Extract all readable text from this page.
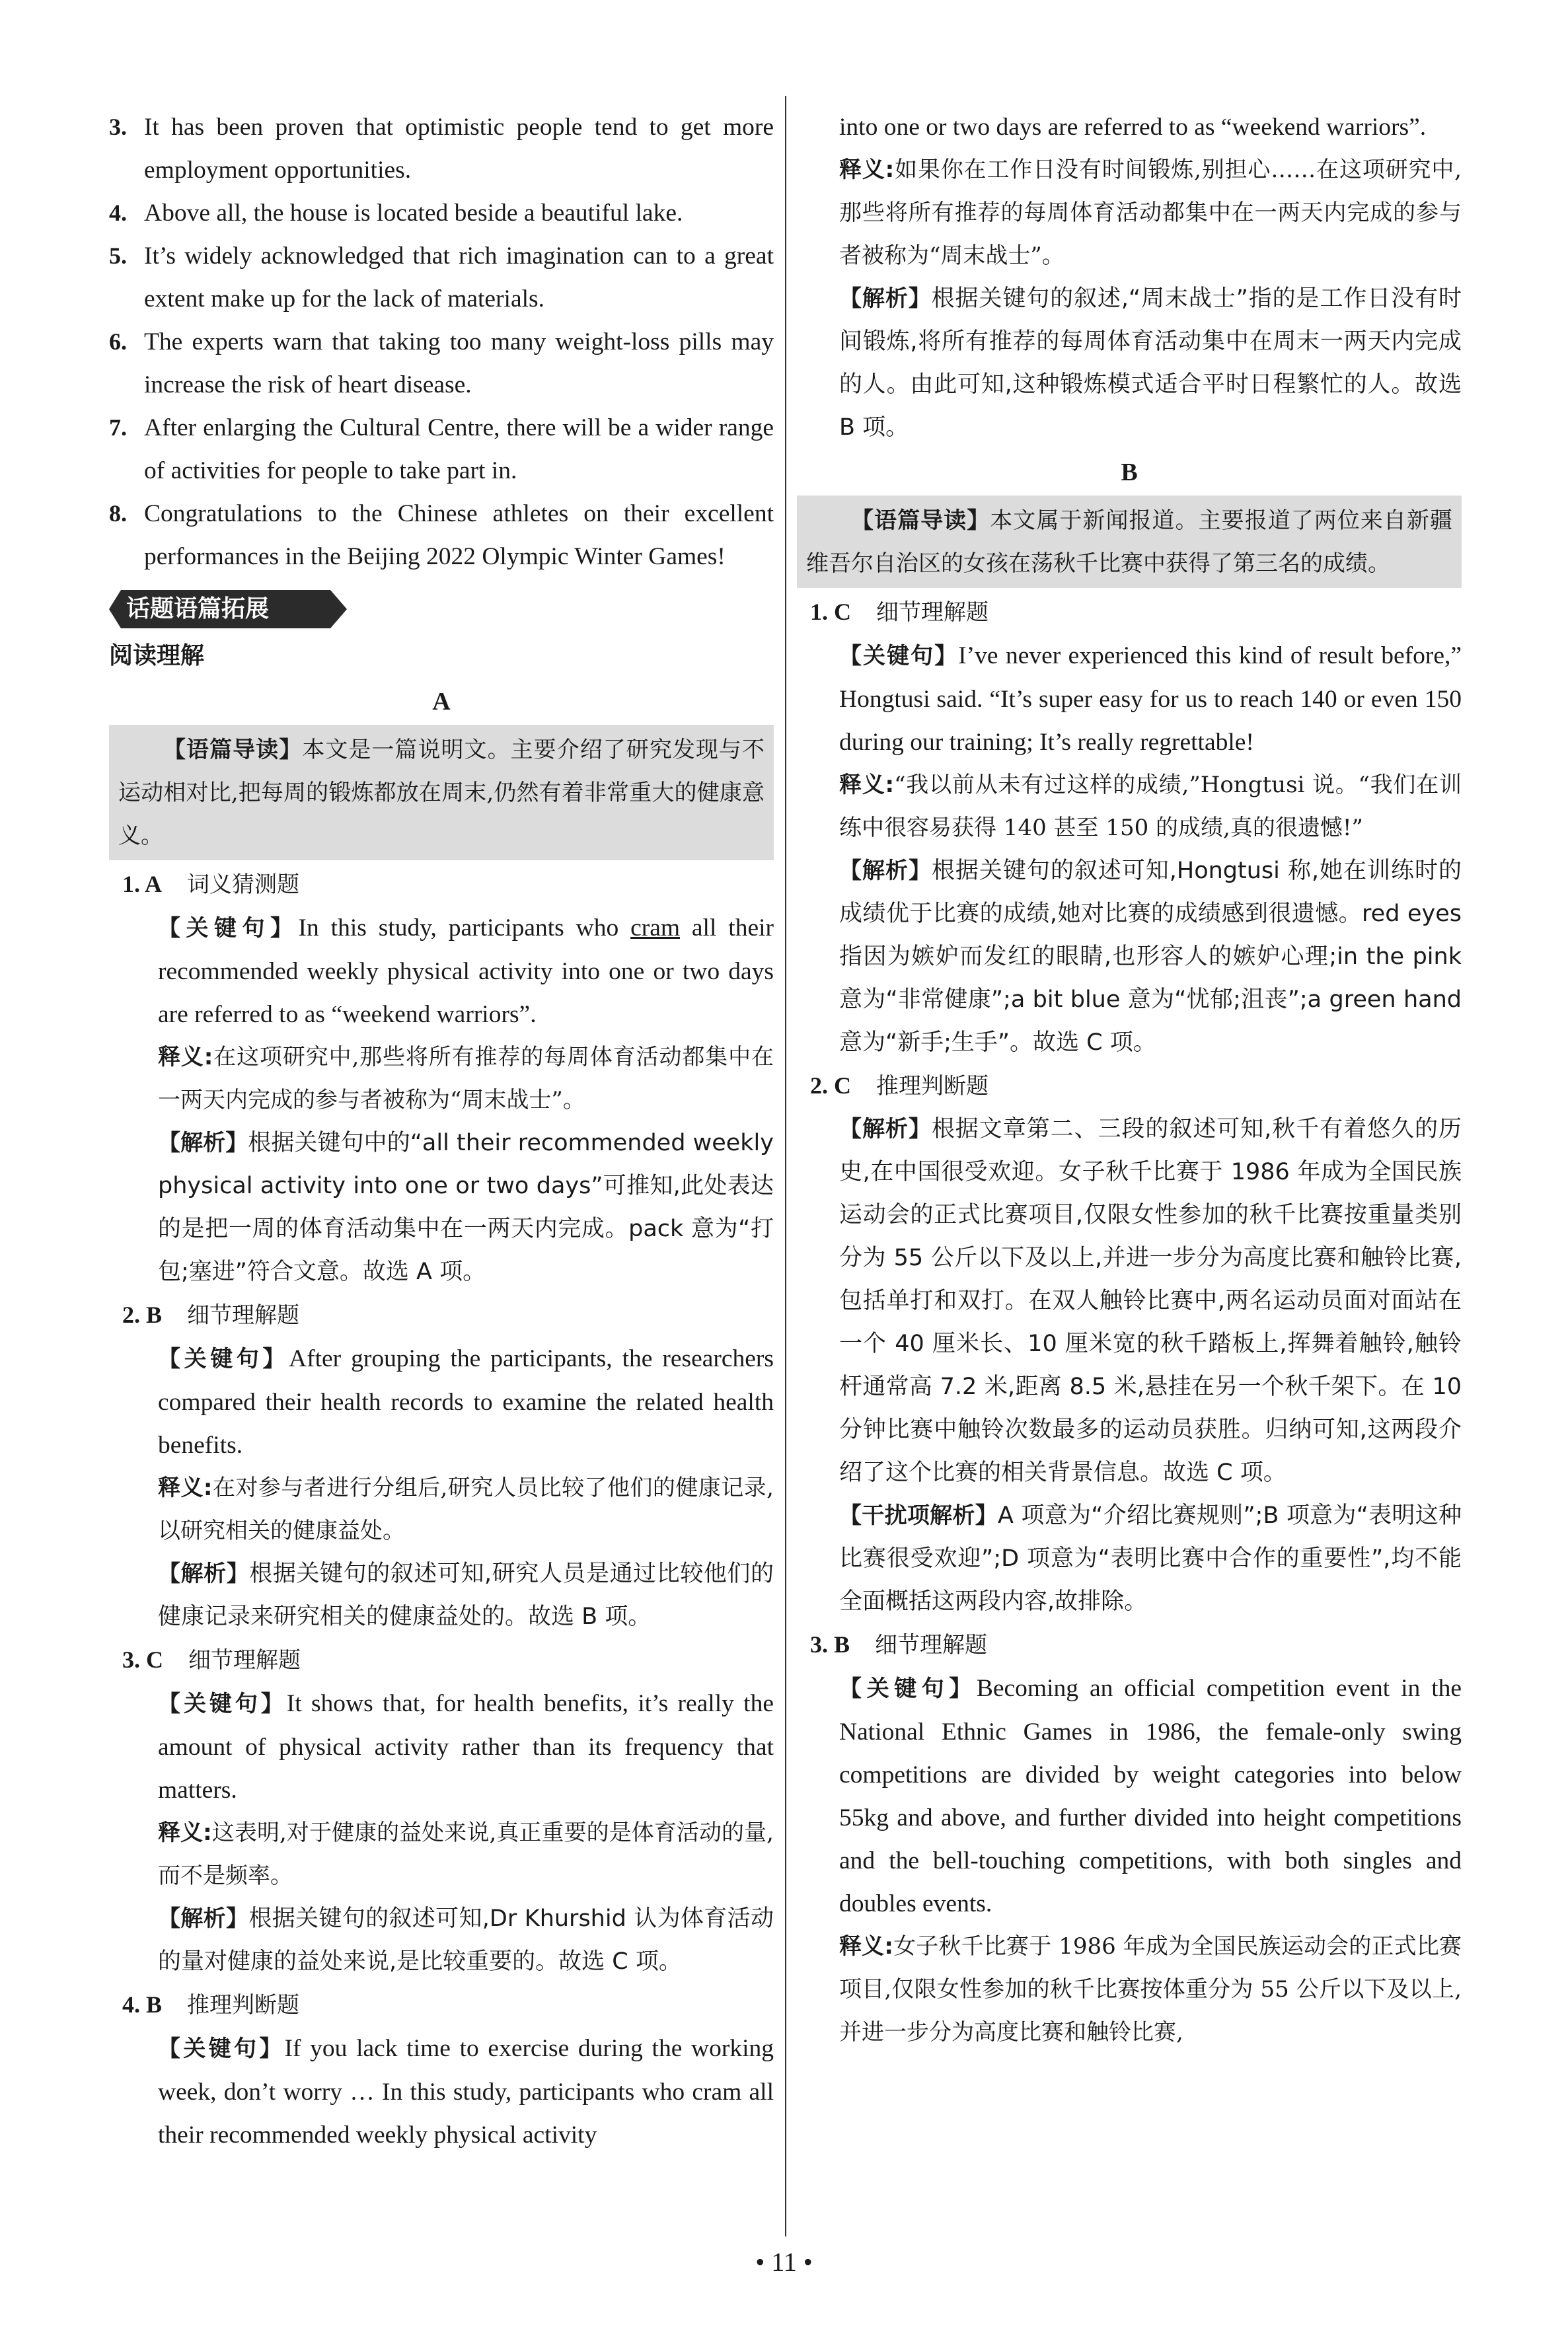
3. It has been proven that optimistic people tend to get more employment opportunities.

4. Above all, the house is located beside a beautiful lake.

5. It’s widely acknowledged that rich imagination can to a great extent make up for the lack of materials.

6. The experts warn that taking too many weight-loss pills may increase the risk of heart disease.

7. After enlarging the Cultural Centre, there will be a wider range of activities for people to take part in.

8. Congratulations to the Chinese athletes on their excellent performances in the Beijing 2022 Olympic Winter Games!

话题语篇拓展

阅读理解

A

【语篇导读】本文是一篇说明文。主要介绍了研究发现与不运动相对比,把每周的锻炼都放在周末,仍然有着非常重大的健康意义。

1. A 词义猜测题

【关键句】In this study, participants who cram all their recommended weekly physical activity into one or two days are referred to as “weekend warriors”.

释义:在这项研究中,那些将所有推荐的每周体育活动都集中在一两天内完成的参与者被称为“周末战士”。

【解析】根据关键句中的“all their recommended weekly physical activity into one or two days”可推知,此处表达的是把一周的体育活动集中在一两天内完成。pack 意为“打包;塞进”符合文意。故选 A 项。

2. B 细节理解题

【关键句】After grouping the participants, the researchers compared their health records to examine the related health benefits.

释义:在对参与者进行分组后,研究人员比较了他们的健康记录,以研究相关的健康益处。

【解析】根据关键句的叙述可知,研究人员是通过比较他们的健康记录来研究相关的健康益处的。故选 B 项。

3. C 细节理解题

【关键句】It shows that, for health benefits, it’s really the amount of physical activity rather than its frequency that matters.

释义:这表明,对于健康的益处来说,真正重要的是体育活动的量,而不是频率。

【解析】根据关键句的叙述可知,Dr Khurshid 认为体育活动的量对健康的益处来说,是比较重要的。故选 C 项。

4. B 推理判断题

【关键句】If you lack time to exercise during the working week, don’t worry … In this study, participants who cram all their recommended weekly physical activity

into one or two days are referred to as “weekend warriors”.

释义:如果你在工作日没有时间锻炼,别担心……在这项研究中,那些将所有推荐的每周体育活动都集中在一两天内完成的参与者被称为“周末战士”。

【解析】根据关键句的叙述,“周末战士”指的是工作日没有时间锻炼,将所有推荐的每周体育活动集中在周末一两天内完成的人。由此可知,这种锻炼模式适合平时日程繁忙的人。故选 B 项。

B

【语篇导读】本文属于新闻报道。主要报道了两位来自新疆维吾尔自治区的女孩在荡秋千比赛中获得了第三名的成绩。

1. C 细节理解题

【关键句】I’ve never experienced this kind of result before,” Hongtusi said. “It’s super easy for us to reach 140 or even 150 during our training; It’s really regrettable!

释义:“我以前从未有过这样的成绩,”Hongtusi 说。“我们在训练中很容易获得 140 甚至 150 的成绩,真的很遗憾!”

【解析】根据关键句的叙述可知,Hongtusi 称,她在训练时的成绩优于比赛的成绩,她对比赛的成绩感到很遗憾。red eyes 指因为嫉妒而发红的眼睛,也形容人的嫉妒心理;in the pink 意为“非常健康”;a bit blue 意为“忧郁;沮丧”;a green hand 意为“新手;生手”。故选 C 项。

2. C 推理判断题

【解析】根据文章第二、三段的叙述可知,秋千有着悠久的历史,在中国很受欢迎。女子秋千比赛于 1986 年成为全国民族运动会的正式比赛项目,仅限女性参加的秋千比赛按重量类别分为 55 公斤以下及以上,并进一步分为高度比赛和触铃比赛,包括单打和双打。在双人触铃比赛中,两名运动员面对面站在一个 40 厘米长、10 厘米宽的秋千踏板上,挥舞着触铃,触铃杆通常高 7.2 米,距离 8.5 米,悬挂在另一个秋千架下。在 10 分钟比赛中触铃次数最多的运动员获胜。归纳可知,这两段介绍了这个比赛的相关背景信息。故选 C 项。

【干扰项解析】A 项意为“介绍比赛规则”;B 项意为“表明这种比赛很受欢迎”;D 项意为“表明比赛中合作的重要性”,均不能全面概括这两段内容,故排除。

3. B 细节理解题

【关键句】Becoming an official competition event in the National Ethnic Games in 1986, the female-only swing competitions are divided by weight categories into below 55kg and above, and further divided into height competitions and the bell-touching competitions, with both singles and doubles events.

释义:女子秋千比赛于 1986 年成为全国民族运动会的正式比赛项目,仅限女性参加的秋千比赛按体重分为 55 公斤以下及以上,并进一步分为高度比赛和触铃比赛,

• 11 •
